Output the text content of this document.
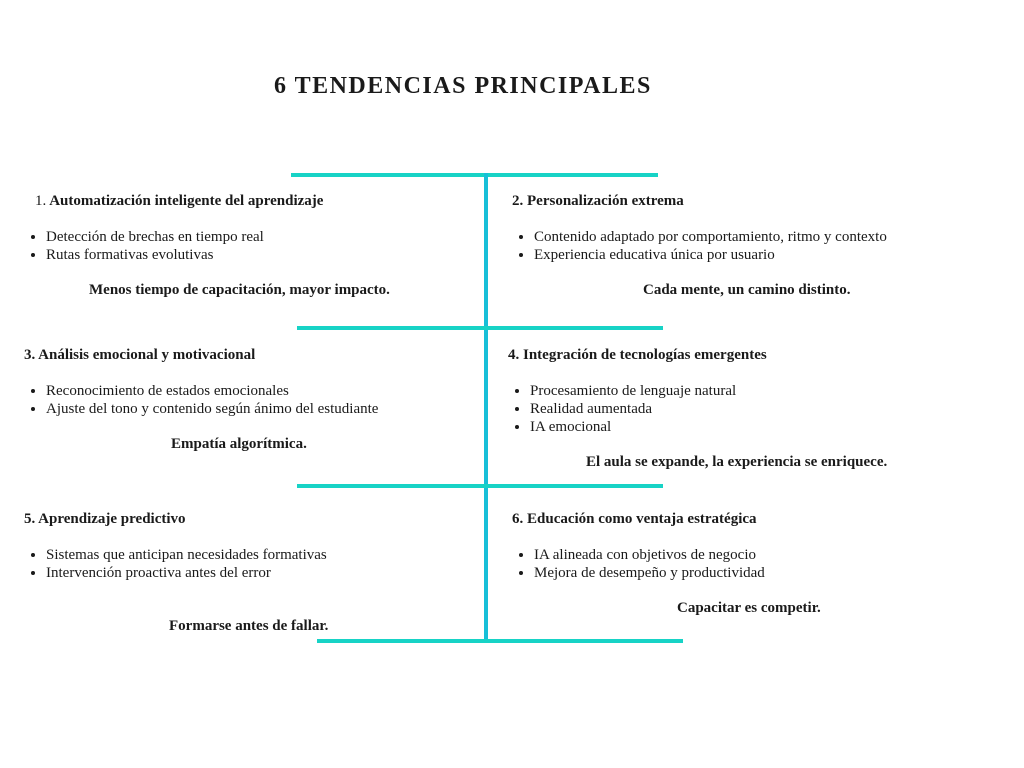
6 TENDENCIAS PRINCIPALES

1. Automatización inteligente del aprendizaje

• Detección de brechas en tiempo real
• Rutas formativas evolutivas

Menos tiempo de capacitación, mayor impacto.

2. Personalización extrema

• Contenido adaptado por comportamiento, ritmo y contexto
• Experiencia educativa única por usuario

Cada mente, un camino distinto.

3. Análisis emocional y motivacional

• Reconocimiento de estados emocionales
• Ajuste del tono y contenido según ánimo del estudiante

Empatía algorítmica.

4. Integración de tecnologías emergentes

• Procesamiento de lenguaje natural
• Realidad aumentada
• IA emocional

El aula se expande, la experiencia se enriquece.

5. Aprendizaje predictivo

• Sistemas que anticipan necesidades formativas
• Intervención proactiva antes del error

Formarse antes de fallar.

6. Educación como ventaja estratégica

• IA alineada con objetivos de negocio
• Mejora de desempeño y productividad

Capacitar es competir.
